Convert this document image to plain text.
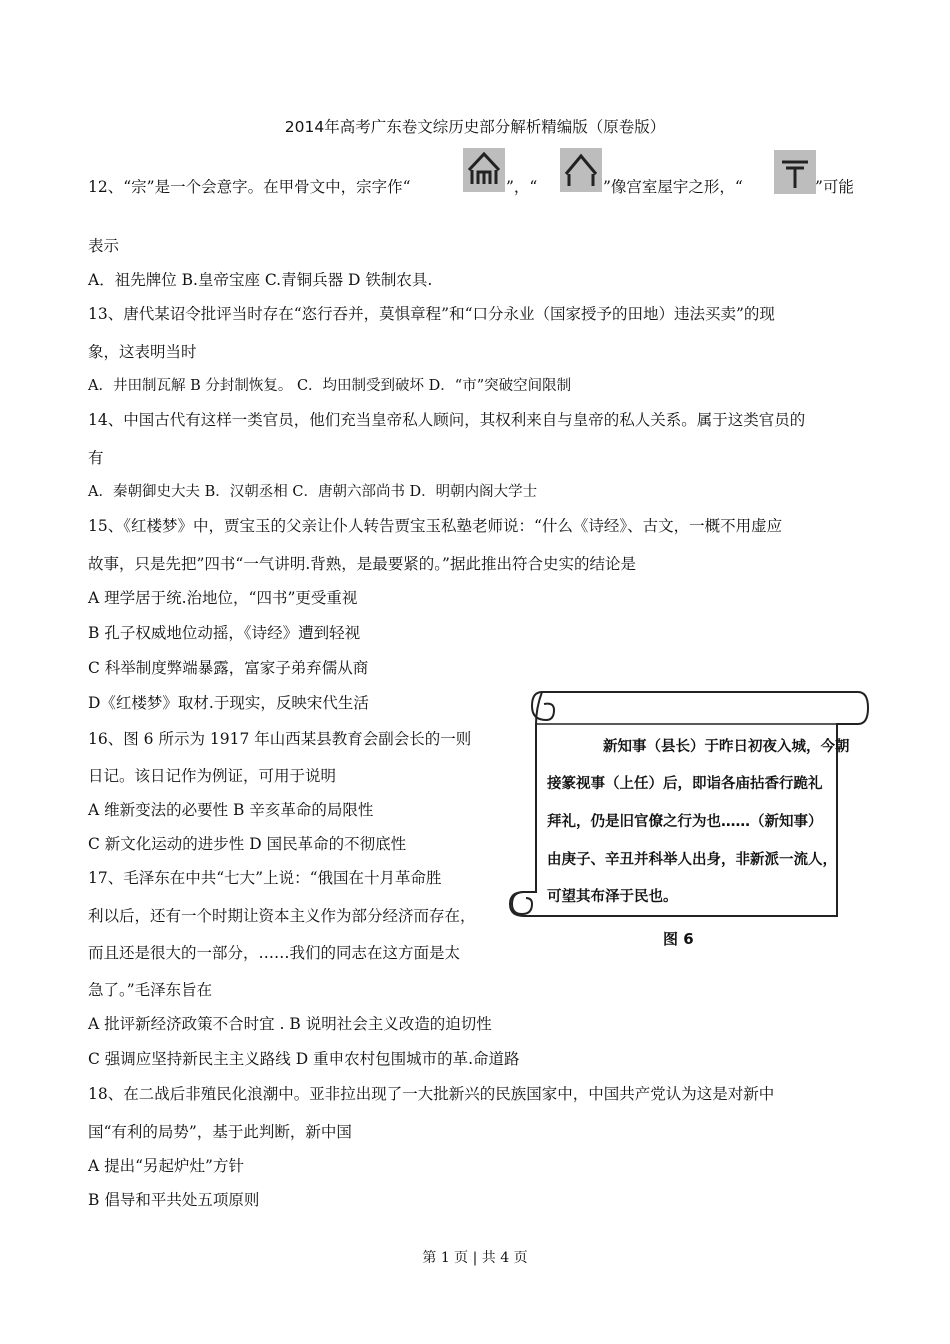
2014年高考广东卷文综历史部分解析精编版（原卷版）
12、“宗”是一个会意字。在甲骨文中，宗字作“	”，“	”像宫室屋宇之形，“	”可能
表示
A．祖先牌位 B.皇帝宝座 C.青铜兵器 D 铁制农具.
13、唐代某诏令批评当时存在“恣行吞并，莫惧章程”和“口分永业（国家授予的田地）违法买卖”的现
象，这表明当时
A．井田制瓦解 B 分封制恢复。 C．均田制受到破坏 D．“市”突破空间限制
14、中国古代有这样一类官员，他们充当皇帝私人顾问，其权利来自与皇帝的私人关系。属于这类官员的
有
A．秦朝御史大夫 B．汉朝丞相 C．唐朝六部尚书 D．明朝内阁大学士
15、《红楼梦》中，贾宝玉的父亲让仆人转告贾宝玉私塾老师说：“什么《诗经》、古文，一概不用虚应
故事，只是先把”四书“一气讲明.背熟，是最要紧的。”据此推出符合史实的结论是
A 理学居于统.治地位，“四书”更受重视
B 孔子权威地位动摇，《诗经》遭到轻视
C 科举制度弊端暴露，富家子弟弃儒从商
D《红楼梦》取材.于现实，反映宋代生活
16、图 6 所示为 1917 年山西某县教育会副会长的一则
日记。该日记作为例证，可用于说明
A 维新变法的必要性 B 辛亥革命的局限性
C 新文化运动的进步性 D 国民革命的不彻底性
新知事（县长）于昨日初夜入城，今朝
接篆视事（上任）后，即诣各庙拈香行跪礼
拜礼，仍是旧官僚之行为也……（新知事）
由庚子、辛丑并科举人出身，非新派一流人，
可望其布泽于民也。
图 6
17、毛泽东在中共“七大”上说：“俄国在十月革命胜
利以后，还有一个时期让资本主义作为部分经济而存在，
而且还是很大的一部分，……我们的同志在这方面是太
急了。”毛泽东旨在
A 批评新经济政策不合时宜 . B 说明社会主义改造的迫切性
C 强调应坚持新民主主义路线 D 重申农村包围城市的革.命道路
18、在二战后非殖民化浪潮中。亚非拉出现了一大批新兴的民族国家中，中国共产党认为这是对新中
国“有利的局势”，基于此判断，新中国
A 提出“另起炉灶”方针
B 倡导和平共处五项原则
第 1 页 | 共 4 页
